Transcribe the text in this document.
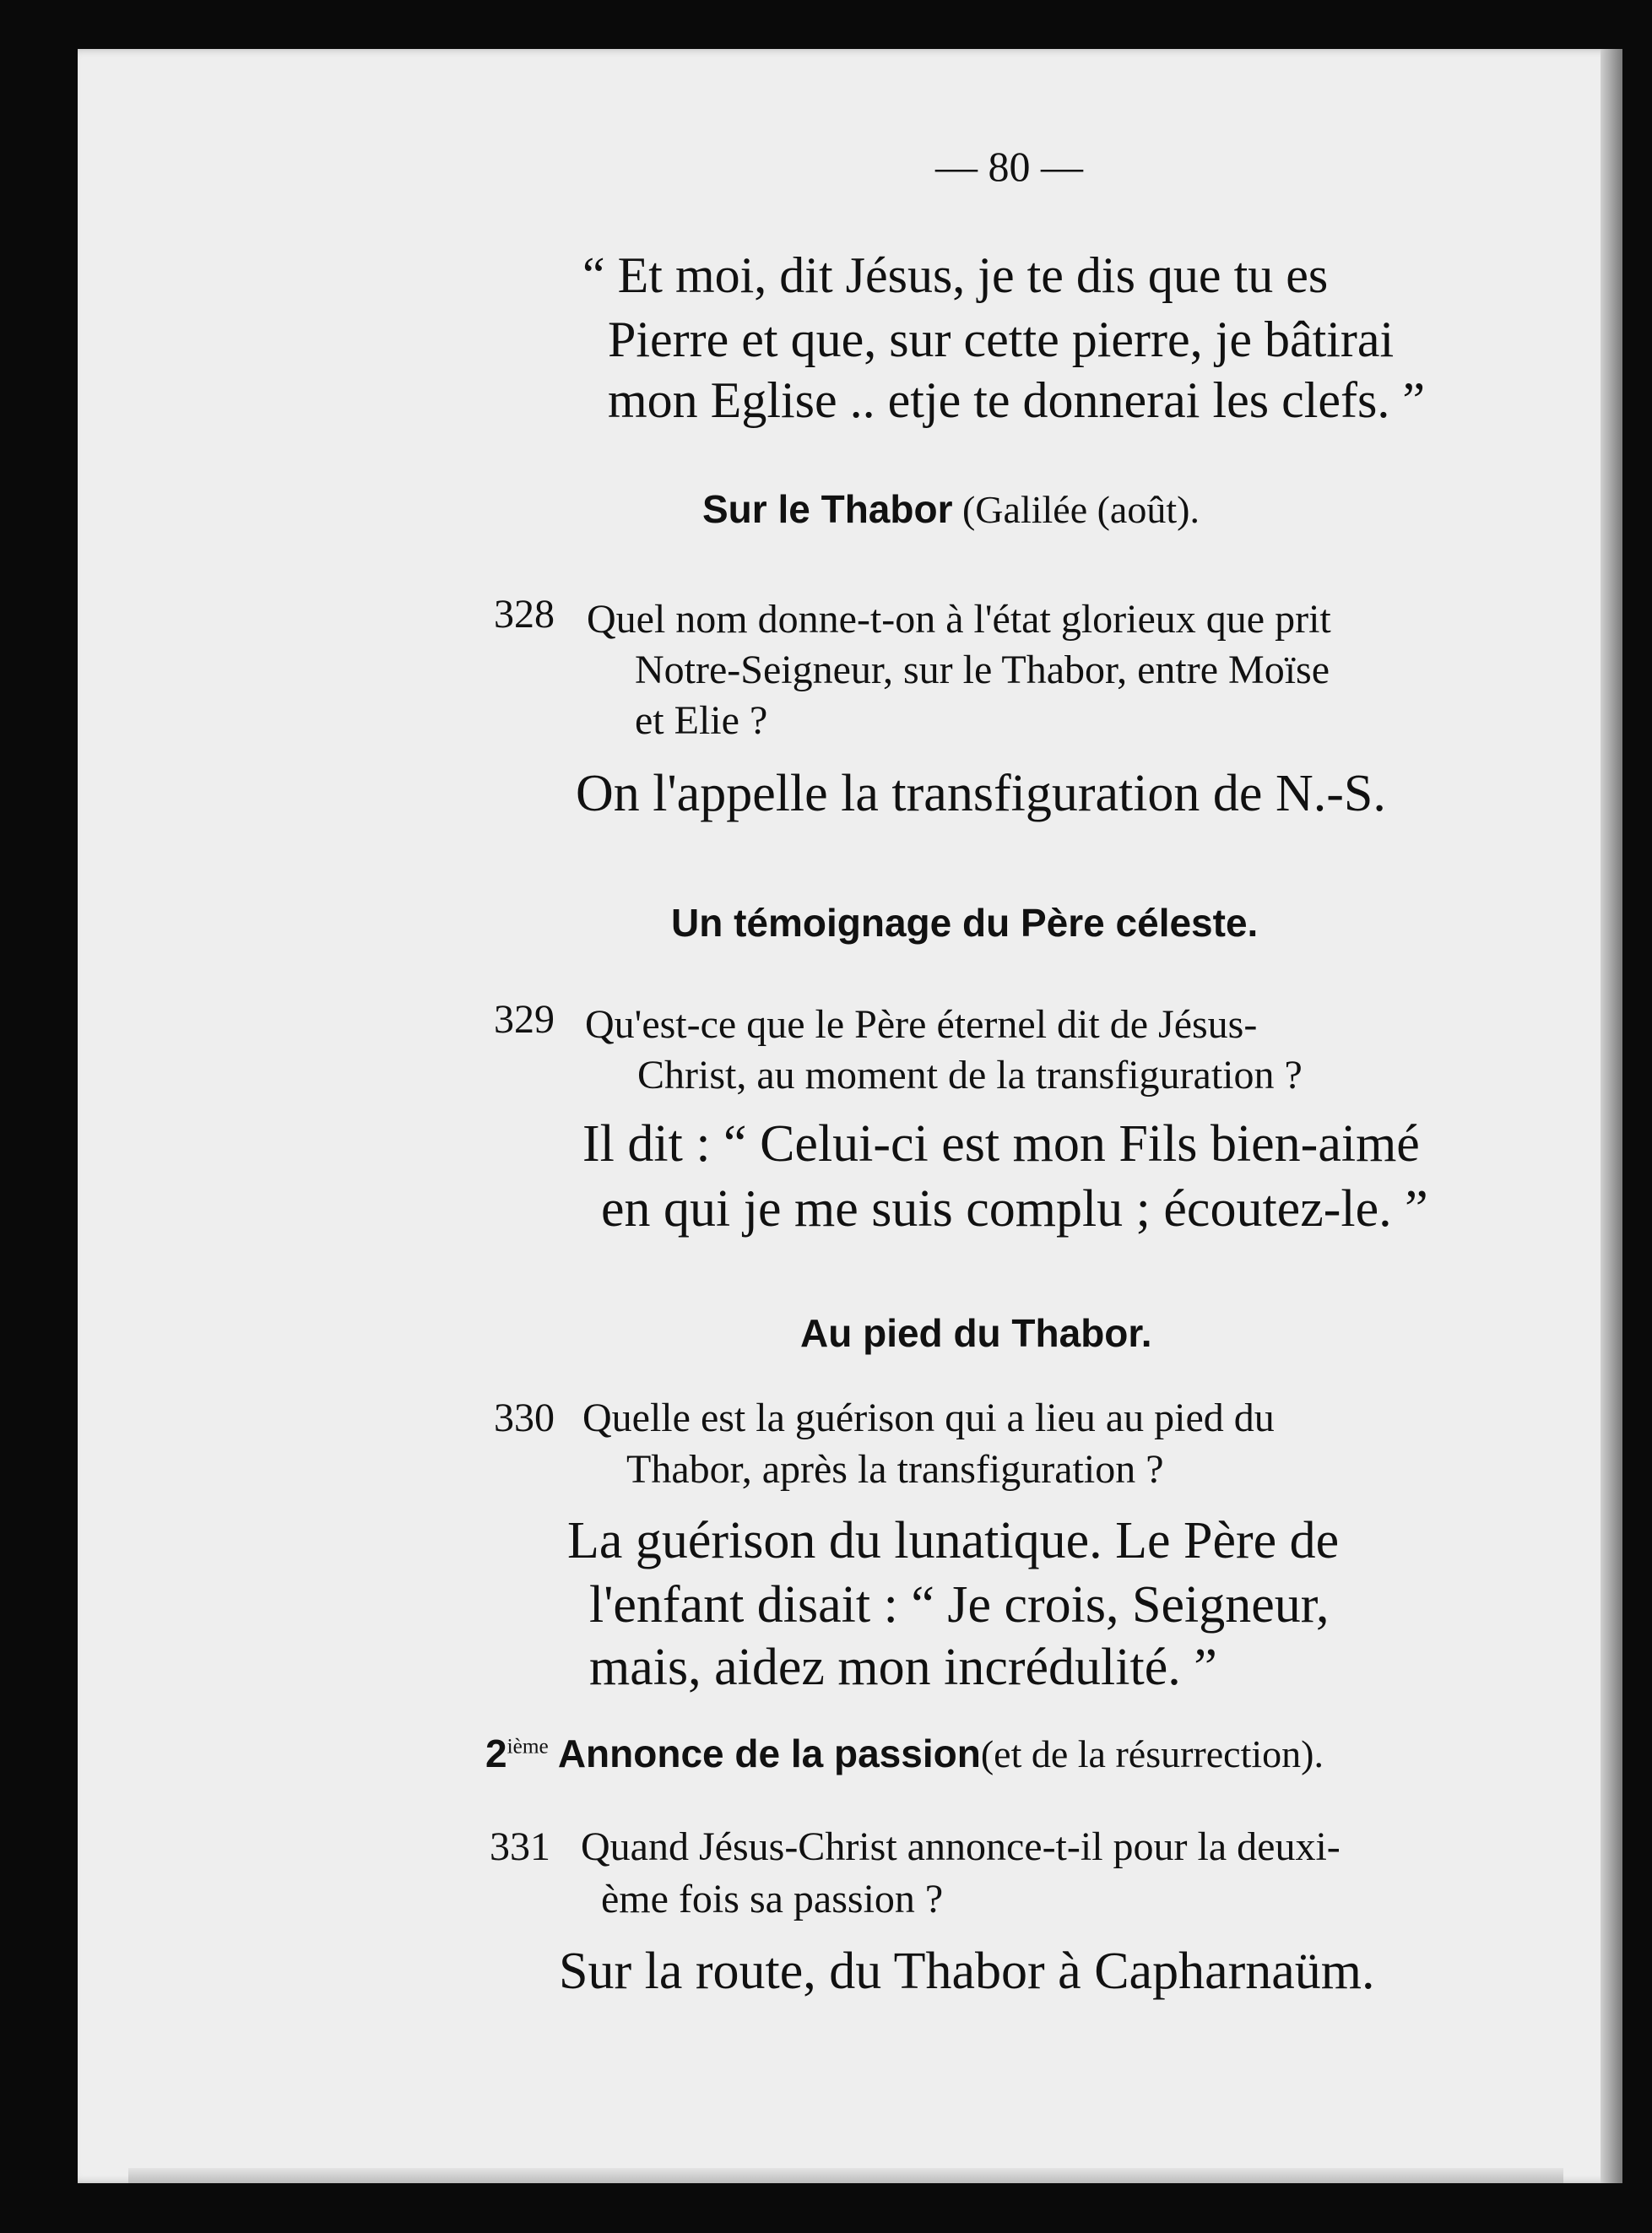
— 80 —
“ Et moi, dit Jésus, je te dis que tu es
Pierre et que, sur cette pierre, je bâtirai
mon Eglise .. etje te donnerai les clefs. ”
Sur le Thabor (Galilée (août).
328 Quel nom donne-t-on à l'état glorieux que prit
Notre-Seigneur, sur le Thabor, entre Moïse
et Elie ?
On l'appelle la transfiguration de N.-S.
Un témoignage du Père céleste.
329 Qu'est-ce que le Père éternel dit de Jésus-
Christ, au moment de la transfiguration ?
Il dit : “ Celui-ci est mon Fils bien-aimé
en qui je me suis complu ; écoutez-le. ”
Au pied du Thabor.
330 Quelle est la guérison qui a lieu au pied du
Thabor, après la transfiguration ?
La guérison du lunatique. Le Père de
l'enfant disait : “ Je crois, Seigneur,
mais, aidez mon incrédulité. ”
2ième Annonce de la passion(et de la résurrection).
331 Quand Jésus-Christ annonce-t-il pour la deuxi-
ème fois sa passion ?
Sur la route, du Thabor à Capharnaüm.
